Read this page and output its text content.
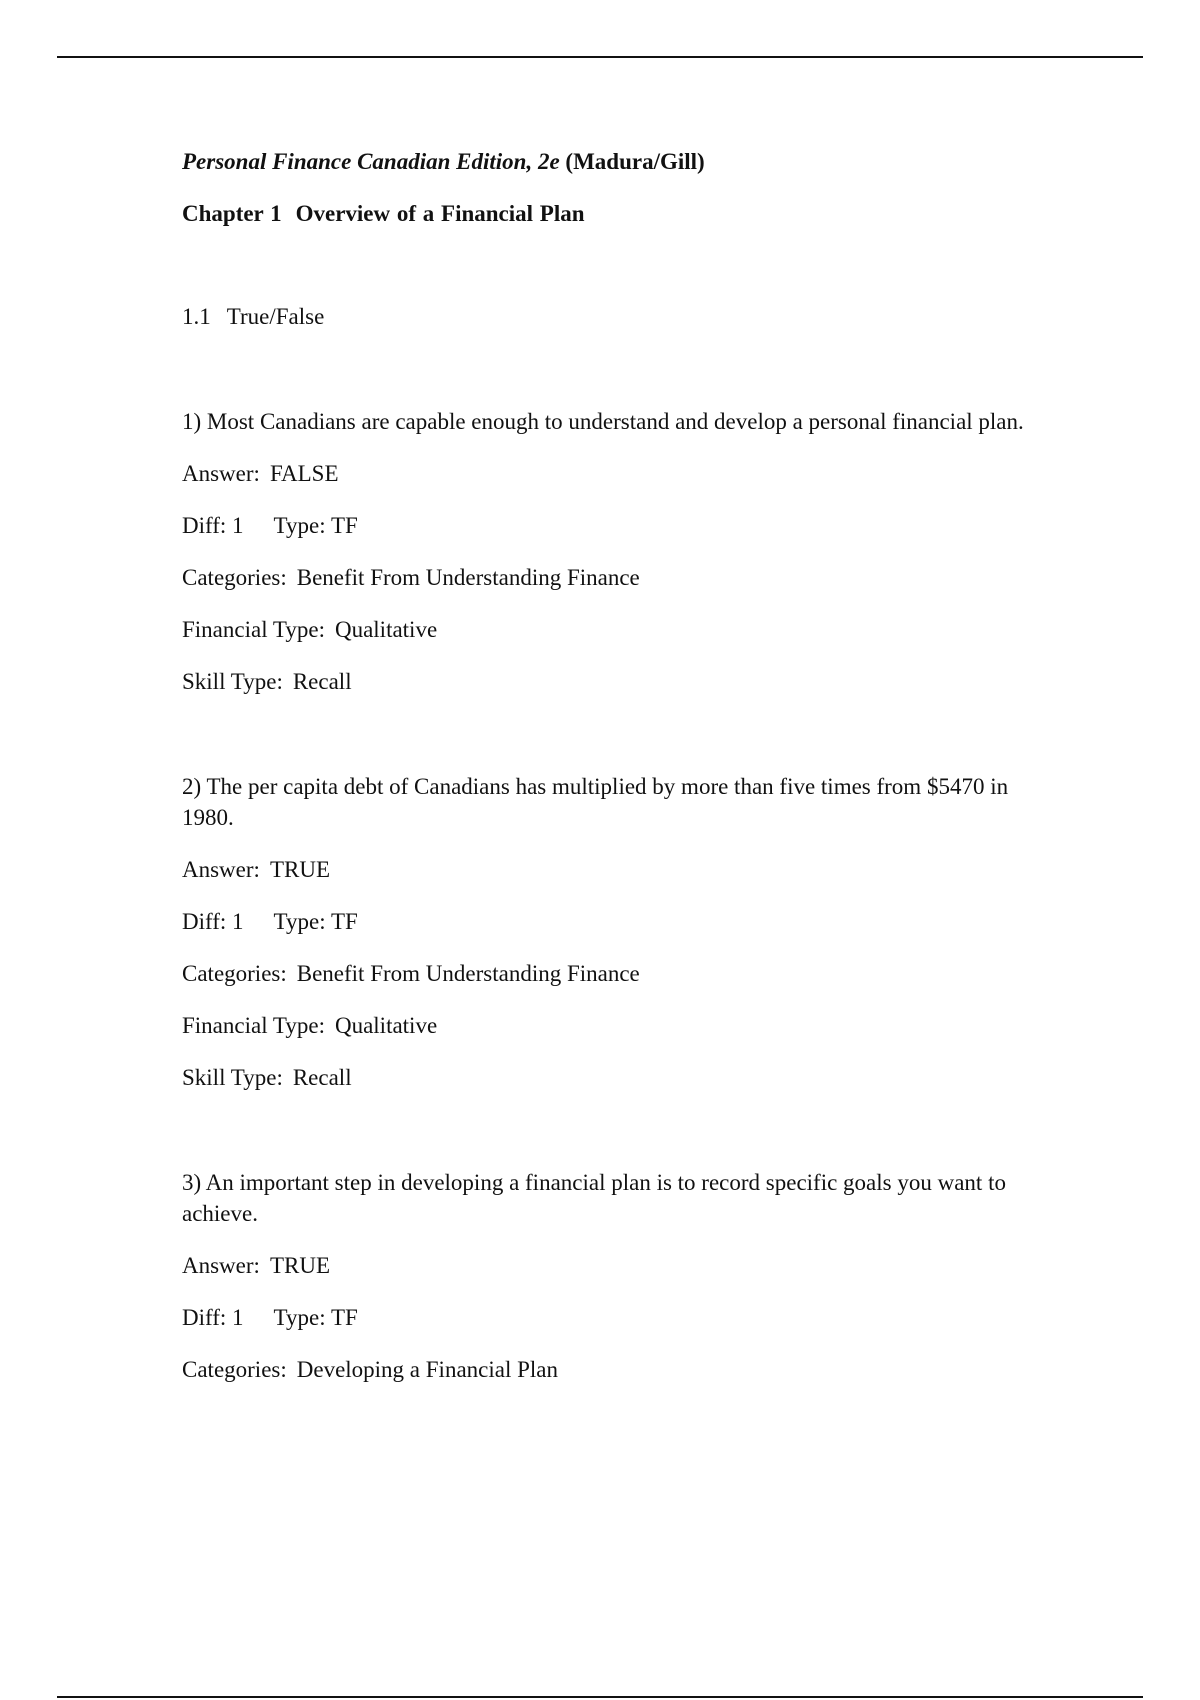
Personal Finance Canadian Edition, 2e (Madura/Gill)

Chapter 1 Overview of a Financial Plan

1.1 True/False

1) Most Canadians are capable enough to understand and develop a personal financial plan.

Answer: FALSE

Diff: 1 Type: TF

Categories: Benefit From Understanding Finance

Financial Type: Qualitative

Skill Type: Recall

2) The per capita debt of Canadians has multiplied by more than five times from $5470 in 1980.

Answer: TRUE

Diff: 1 Type: TF

Categories: Benefit From Understanding Finance

Financial Type: Qualitative

Skill Type: Recall

3) An important step in developing a financial plan is to record specific goals you want to achieve.

Answer: TRUE

Diff: 1 Type: TF

Categories: Developing a Financial Plan
